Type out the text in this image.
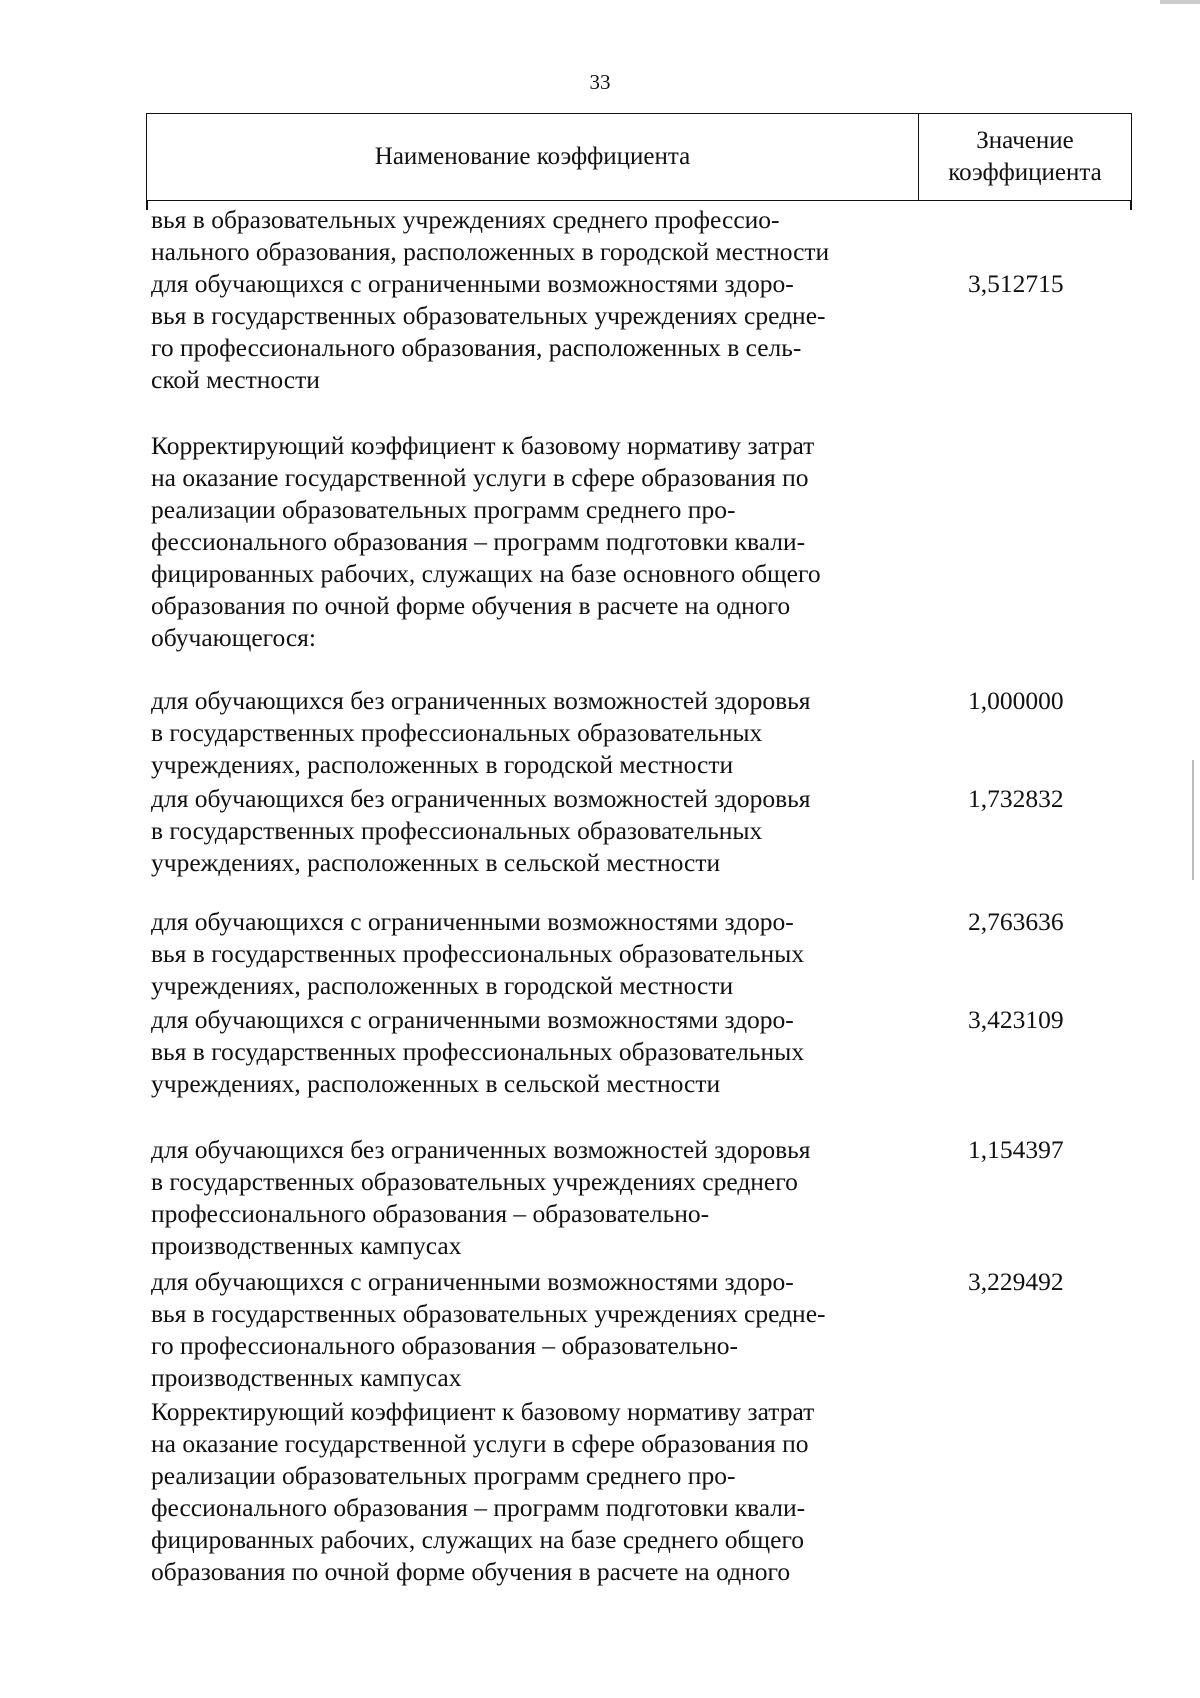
33
Наименование коэффициента
Значение
коэффициента
вья в образовательных учреждениях среднего профессио-
нального образования, расположенных в городской местности
для обучающихся с ограниченными возможностями здоро-
вья в государственных образовательных учреждениях средне-
го профессионального образования, расположенных в сель-
ской местности
3,512715
Корректирующий коэффициент к базовому нормативу затрат
на оказание государственной услуги в сфере образования по
реализации образовательных программ среднего про-
фессионального образования – программ подготовки квали-
фицированных рабочих, служащих на базе основного общего
образования по очной форме обучения в расчете на одного
обучающегося:
для обучающихся без ограниченных возможностей здоровья
в государственных профессиональных образовательных
учреждениях, расположенных в городской местности
1,000000
для обучающихся без ограниченных возможностей здоровья
в государственных профессиональных образовательных
учреждениях, расположенных в сельской местности
1,732832
для обучающихся с ограниченными возможностями здоро-
вья в государственных профессиональных образовательных
учреждениях, расположенных в городской местности
2,763636
для обучающихся с ограниченными возможностями здоро-
вья в государственных профессиональных образовательных
учреждениях, расположенных в сельской местности
3,423109
для обучающихся без ограниченных возможностей здоровья
в государственных образовательных учреждениях среднего
профессионального образования – образовательно-
производственных кампусах
1,154397
для обучающихся с ограниченными возможностями здоро-
вья в государственных образовательных учреждениях средне-
го профессионального образования – образовательно-
производственных кампусах
3,229492
Корректирующий коэффициент к базовому нормативу затрат
на оказание государственной услуги в сфере образования по
реализации образовательных программ среднего про-
фессионального образования – программ подготовки квали-
фицированных рабочих, служащих на базе среднего общего
образования по очной форме обучения в расчете на одного
